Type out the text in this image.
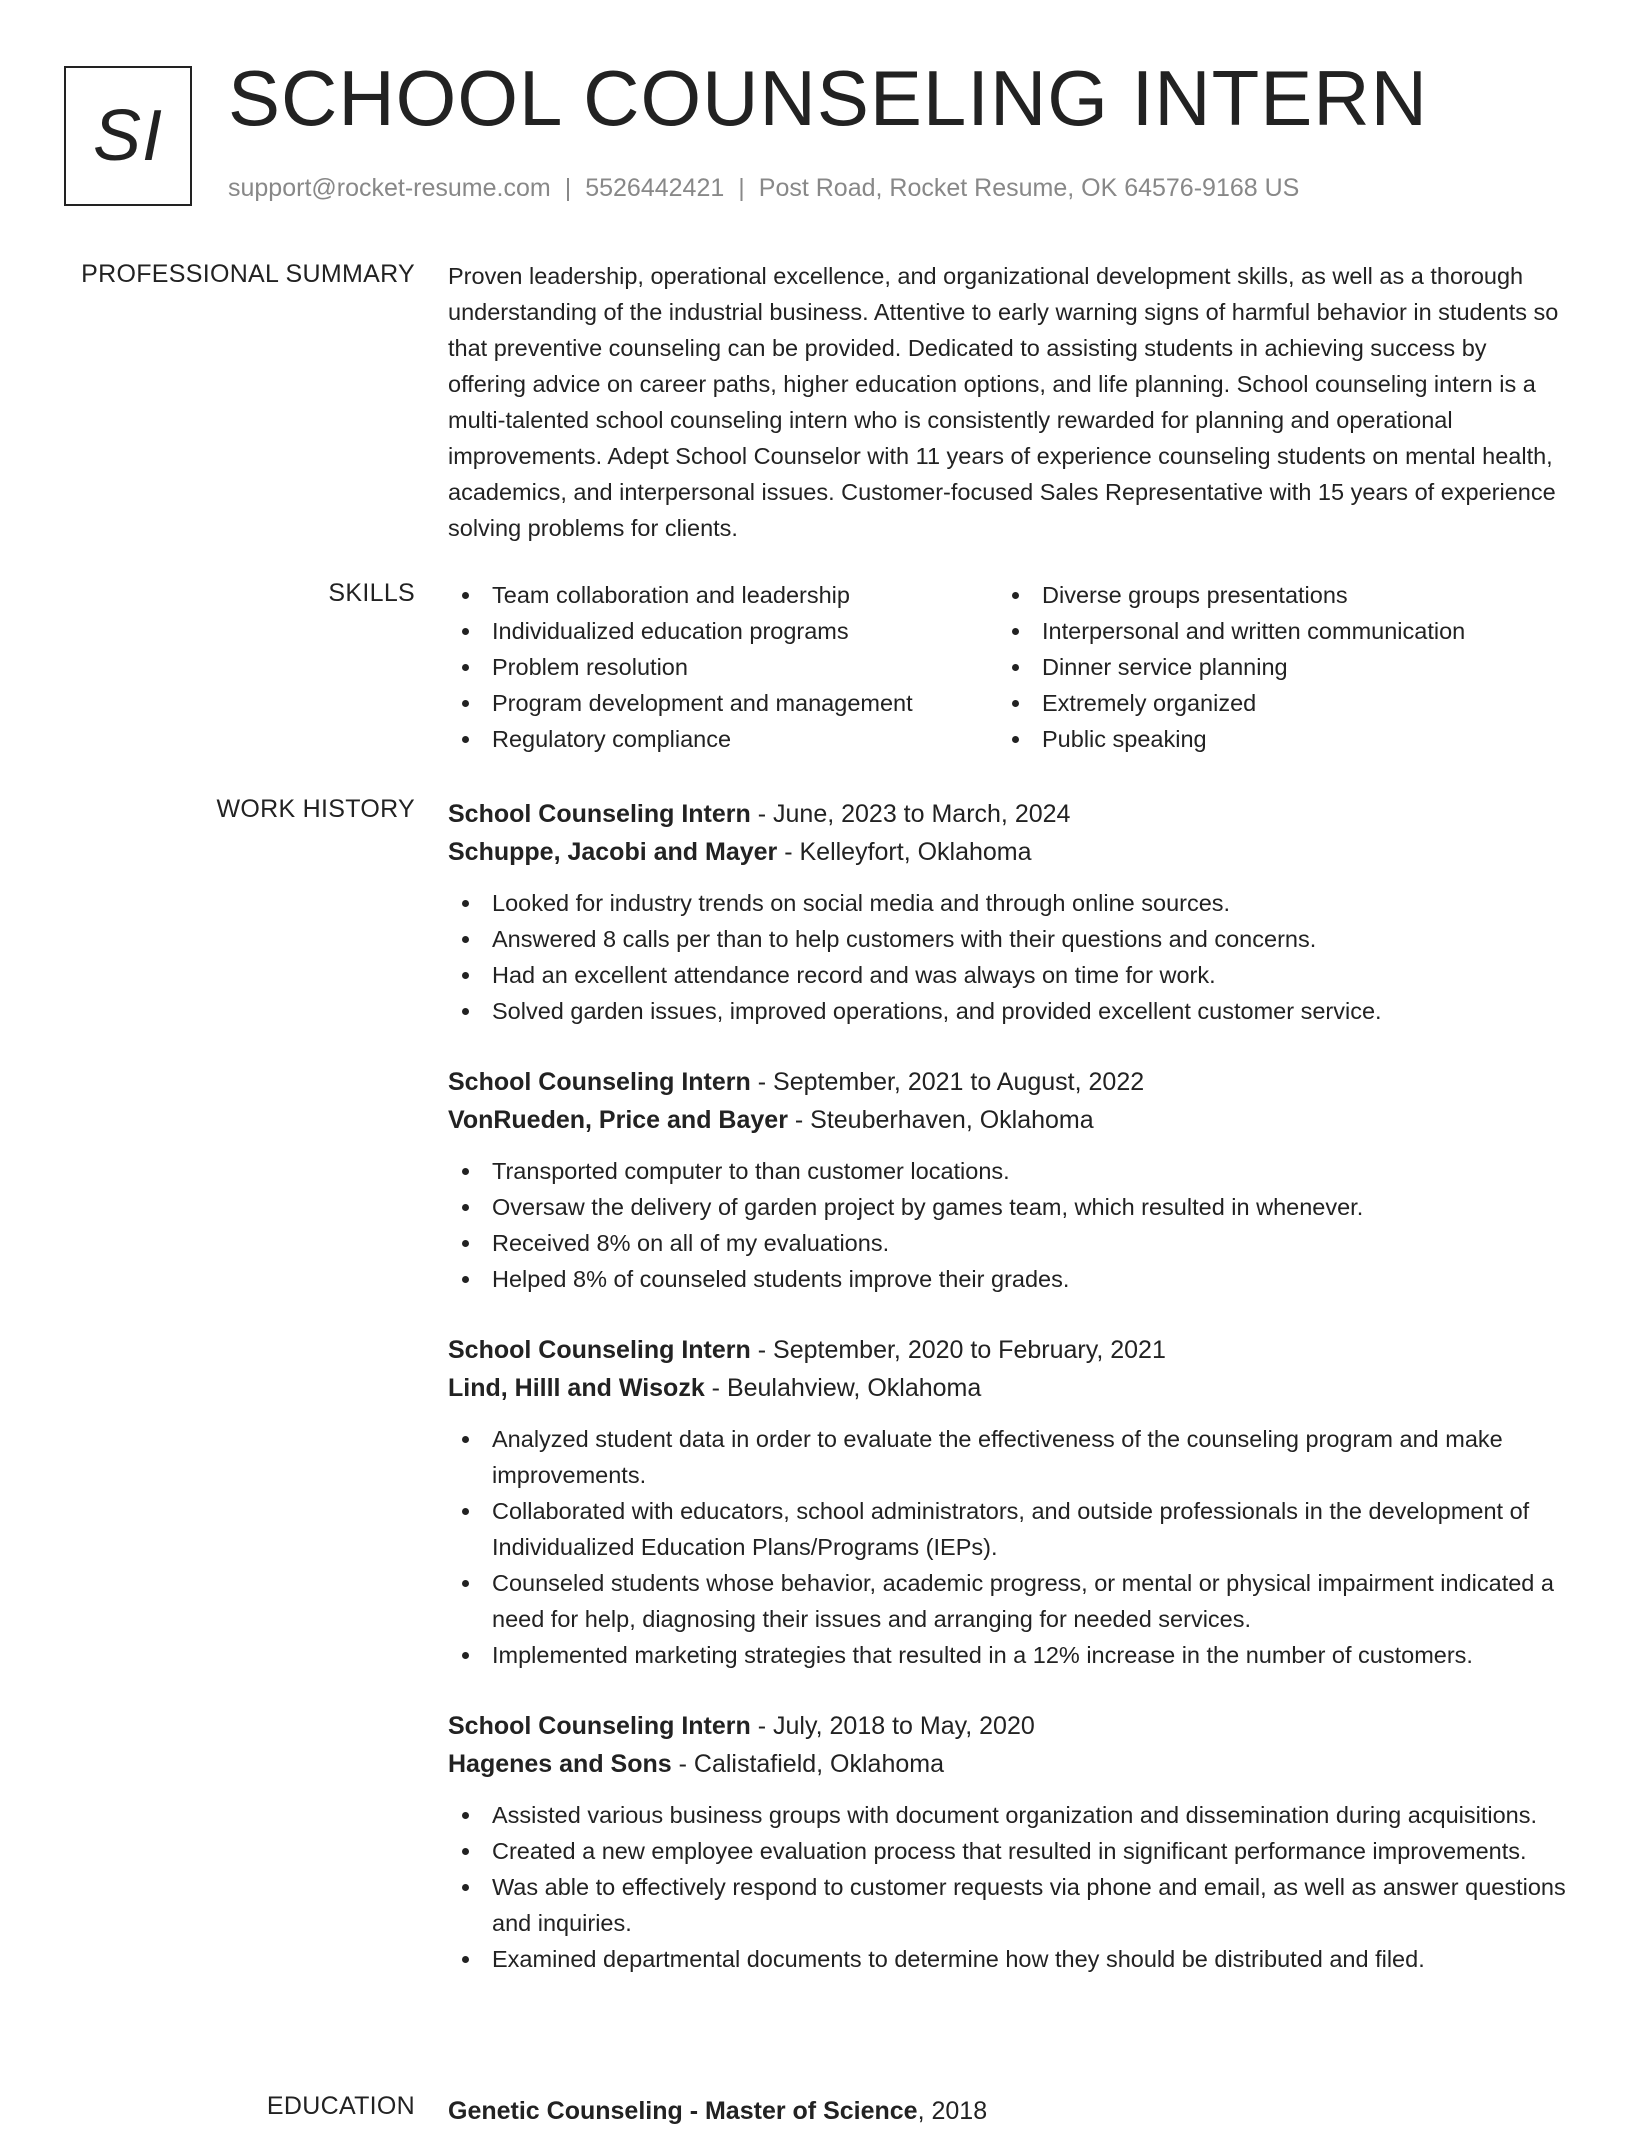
SI SCHOOL COUNSELING INTERN
support@rocket-resume.com | 5526442421 | Post Road, Rocket Resume, OK 64576-9168 US
PROFESSIONAL SUMMARY Proven leadership, operational excellence, and organizational development skills, as well as a thorough understanding of the industrial business. Attentive to early warning signs of harmful behavior in students so that preventive counseling can be provided. Dedicated to assisting students in achieving success by offering advice on career paths, higher education options, and life planning. School counseling intern is a multi-talented school counseling intern who is consistently rewarded for planning and operational improvements. Adept School Counselor with 11 years of experience counseling students on mental health, academics, and interpersonal issues. Customer-focused Sales Representative with 15 years of experience solving problems for clients.

SKILLS	Team collaboration and leadership
Individualized education programs
Problem resolution
Program development and management
Regulatory compliance
Diverse groups presentations
Interpersonal and written communication
Dinner service planning
Extremely organized
Public speaking
WORK HISTORY School Counseling Intern - June, 2023 to March, 2024
Schuppe, Jacobi and Mayer - Kelleyfort, Oklahoma
Looked for industry trends on social media and through online sources.
Answered 8 calls per than to help customers with their questions and concerns.
Had an excellent attendance record and was always on time for work.
Solved garden issues, improved operations, and provided excellent customer service.
School Counseling Intern - September, 2021 to August, 2022
VonRueden, Price and Bayer - Steuberhaven, Oklahoma
Transported computer to than customer locations.
Oversaw the delivery of garden project by games team, which resulted in whenever.
Received 8% on all of my evaluations.
Helped 8% of counseled students improve their grades.
School Counseling Intern - September, 2020 to February, 2021
Lind, Hilll and Wisozk - Beulahview, Oklahoma
Analyzed student data in order to evaluate the effectiveness of the counseling program and make improvements.
Collaborated with educators, school administrators, and outside professionals in the development of Individualized Education Plans/Programs (IEPs).
Counseled students whose behavior, academic progress, or mental or physical impairment indicated a need for help, diagnosing their issues and arranging for needed services.
Implemented marketing strategies that resulted in a 12% increase in the number of customers.
School Counseling Intern - July, 2018 to May, 2020
Hagenes and Sons - Calistafield, Oklahoma
Assisted various business groups with document organization and dissemination during acquisitions.
Created a new employee evaluation process that resulted in significant performance improvements.
Was able to effectively respond to customer requests via phone and email, as well as answer questions and inquiries.
Examined departmental documents to determine how they should be distributed and filed.
EDUCATION Genetic Counseling - Master of Science, 2018
